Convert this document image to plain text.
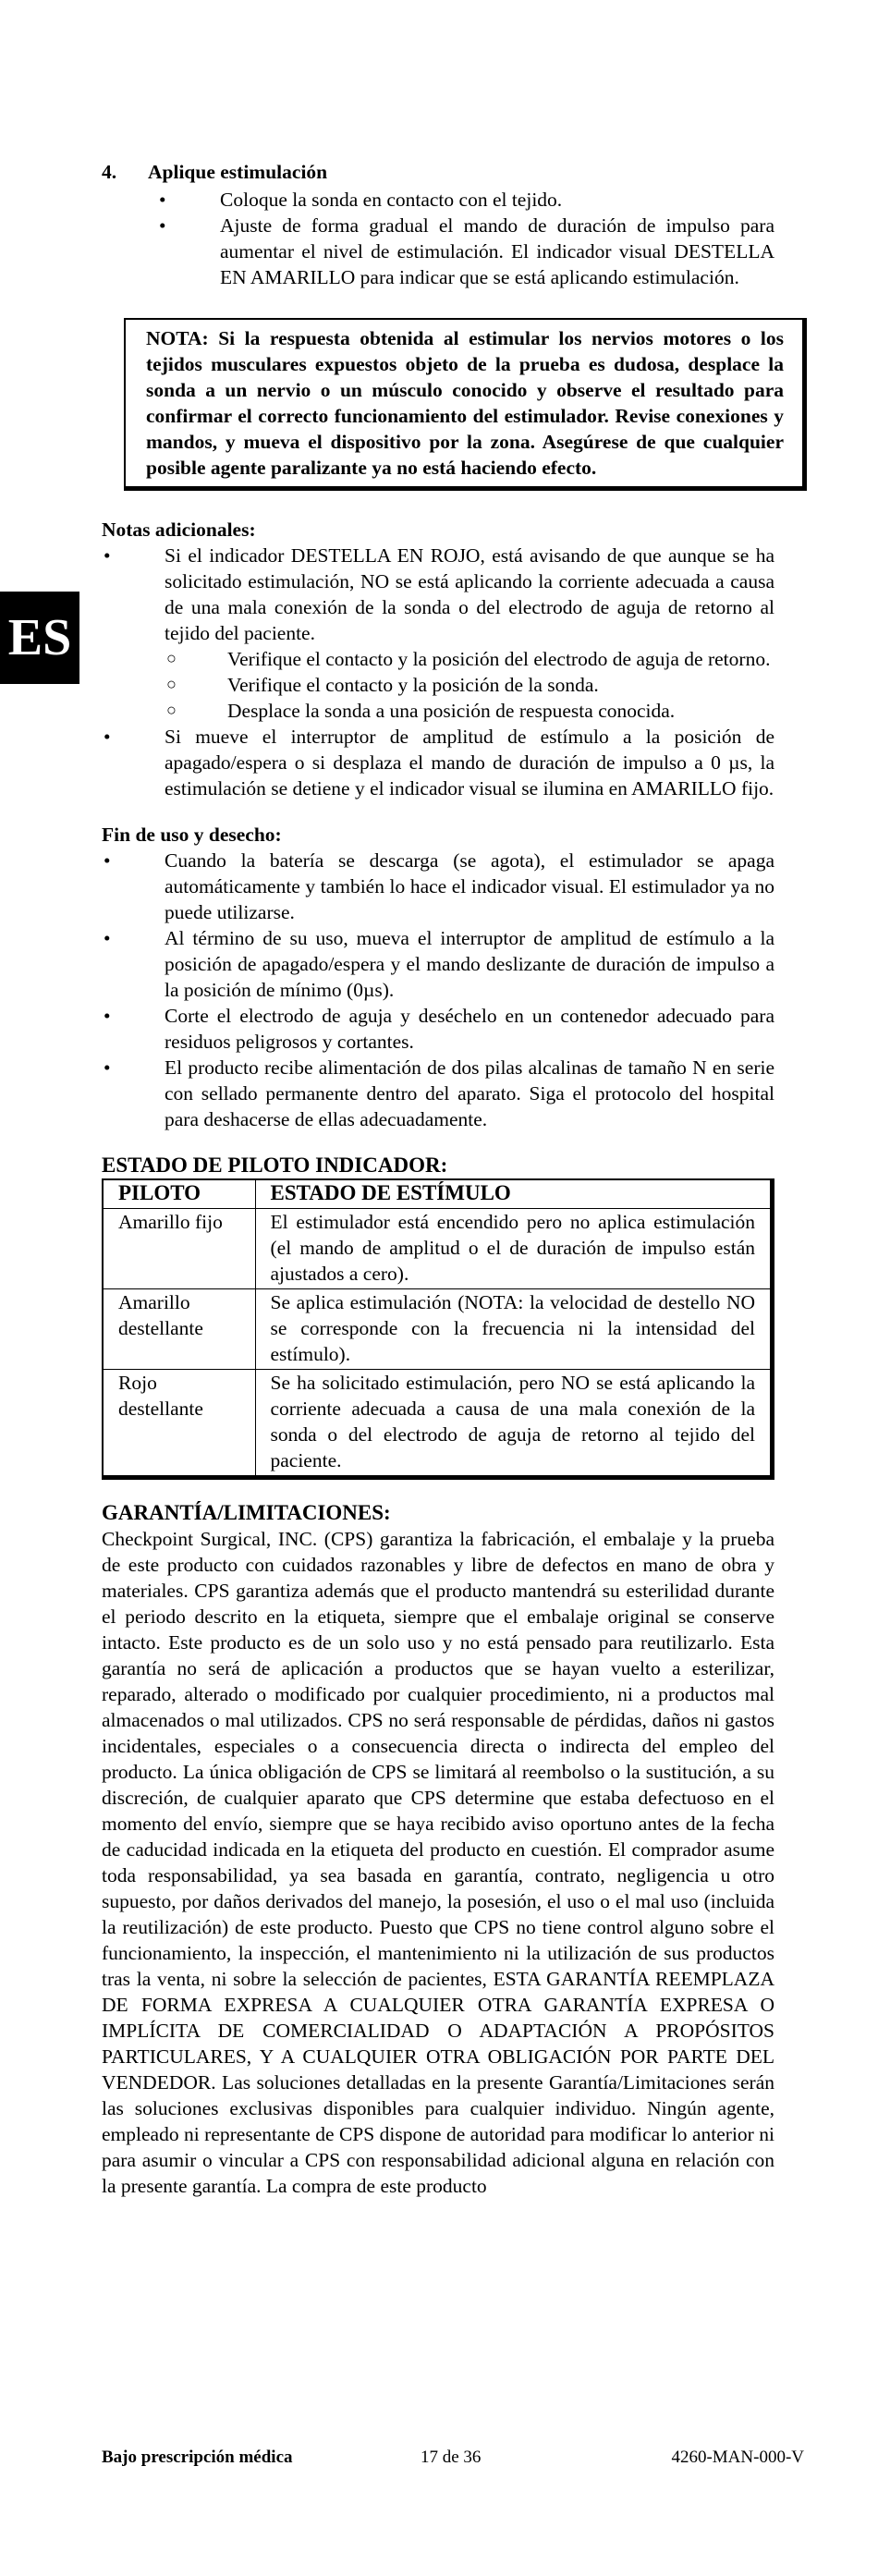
ES

4. Aplique estimulación

•	Coloque la sonda en contacto con el tejido.
•	Ajuste de forma gradual el mando de duración de impulso para aumentar el nivel de estimulación. El indicador visual DESTELLA EN AMARILLO para indicar que se está aplicando estimulación.
NOTA: Si la respuesta obtenida al estimular los nervios motores o los tejidos musculares expuestos objeto de la prueba es dudosa, desplace la sonda a un nervio o un músculo conocido y observe el resultado para confirmar el correcto funcionamiento del estimulador. Revise conexiones y mandos, y mueva el dispositivo por la zona. Asegúrese de que cualquier posible agente paralizante ya no está haciendo efecto.

Notas adicionales:

•	Si el indicador DESTELLA EN ROJO, está avisando de que aunque se ha solicitado estimulación, NO se está aplicando la corriente adecuada a causa de una mala conexión de la sonda o del electrodo de aguja de retorno al tejido del paciente.
○	Verifique el contacto y la posición del electrodo de aguja de retorno.
○	Verifique el contacto y la posición de la sonda.
○	Desplace la sonda a una posición de respuesta conocida.
•	Si mueve el interruptor de amplitud de estímulo a la posición de apagado/espera o si desplaza el mando de duración de impulso a 0 µs, la estimulación se detiene y el indicador visual se ilumina en AMARILLO fijo.

Fin de uso y desecho:

•	Cuando la batería se descarga (se agota), el estimulador se apaga automáticamente y también lo hace el indicador visual. El estimulador ya no puede utilizarse.
•	Al término de su uso, mueva el interruptor de amplitud de estímulo a la posición de apagado/espera y el mando deslizante de duración de impulso a la posición de mínimo (0µs).
•	Corte el electrodo de aguja y deséchelo en un contenedor adecuado para residuos peligrosos y cortantes.
•	El producto recibe alimentación de dos pilas alcalinas de tamaño N en serie con sellado permanente dentro del aparato. Siga el protocolo del hospital para deshacerse de ellas adecuadamente.

ESTADO DE PILOTO INDICADOR:

PILOTO	ESTADO DE ESTÍMULO
Amarillo fijo	El estimulador está encendido pero no aplica estimulación (el mando de amplitud o el de duración de impulso están ajustados a cero).
Amarillo destellante	Se aplica estimulación (NOTA: la velocidad de destello NO se corresponde con la frecuencia ni la intensidad del estímulo).
Rojo destellante	Se ha solicitado estimulación, pero NO se está aplicando la corriente adecuada a causa de una mala conexión de la sonda o del electrodo de aguja de retorno al tejido del paciente.

GARANTÍA/LIMITACIONES:

Checkpoint Surgical, INC. (CPS) garantiza la fabricación, el embalaje y la prueba de este producto con cuidados razonables y libre de defectos en mano de obra y materiales. CPS garantiza además que el producto mantendrá su esterilidad durante el periodo descrito en la etiqueta, siempre que el embalaje original se conserve intacto. Este producto es de un solo uso y no está pensado para reutilizarlo. Esta garantía no será de aplicación a productos que se hayan vuelto a esterilizar, reparado, alterado o modificado por cualquier procedimiento, ni a productos mal almacenados o mal utilizados. CPS no será responsable de pérdidas, daños ni gastos incidentales, especiales o a consecuencia directa o indirecta del empleo del producto. La única obligación de CPS se limitará al reembolso o la sustitución, a su discreción, de cualquier aparato que CPS determine que estaba defectuoso en el momento del envío, siempre que se haya recibido aviso oportuno antes de la fecha de caducidad indicada en la etiqueta del producto en cuestión. El comprador asume toda responsabilidad, ya sea basada en garantía, contrato, negligencia u otro supuesto, por daños derivados del manejo, la posesión, el uso o el mal uso (incluida la reutilización) de este producto. Puesto que CPS no tiene control alguno sobre el funcionamiento, la inspección, el mantenimiento ni la utilización de sus productos tras la venta, ni sobre la selección de pacientes, ESTA GARANTÍA REEMPLAZA DE FORMA EXPRESA A CUALQUIER OTRA GARANTÍA EXPRESA O IMPLÍCITA DE COMERCIALIDAD O ADAPTACIÓN A PROPÓSITOS PARTICULARES, Y A CUALQUIER OTRA OBLIGACIÓN POR PARTE DEL VENDEDOR. Las soluciones detalladas en la presente Garantía/Limitaciones serán las soluciones exclusivas disponibles para cualquier individuo. Ningún agente, empleado ni representante de CPS dispone de autoridad para modificar lo anterior ni para asumir o vincular a CPS con responsabilidad adicional alguna en relación con la presente garantía. La compra de este producto

Bajo prescripción médica	17 de 36	4260-MAN-000-V
